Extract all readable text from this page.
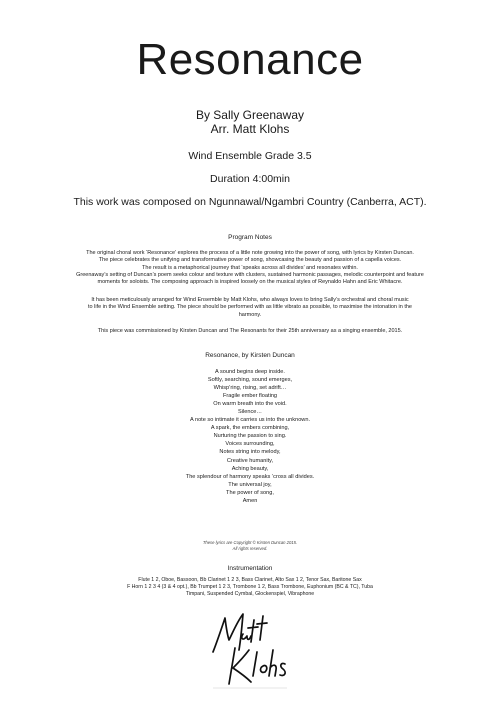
Resonance
By Sally Greenaway
Arr. Matt Klohs
Wind Ensemble Grade 3.5
Duration 4:00min
This work was composed on Ngunnawal/Ngambri Country (Canberra, ACT).
Program Notes

The original choral work ‘Resonance’ explores the process of a little note growing into the power of song, with lyrics by Kirsten Duncan.

The piece celebrates the unifying and transformative power of song, showcasing the beauty and passion of a capella voices.

The result is a metaphorical journey that ‘speaks across all divides’ and resonates within.

Greenaway’s setting of Duncan’s poem seeks colour and texture with clusters, sustained harmonic passages, melodic counterpoint and feature

moments for soloists. The composing approach is inspired loosely on the musical styles of Reynaldo Hahn and Eric Whitacre.

It has been meticulously arranged for Wind Ensemble by Matt Klohs, who always loves to bring Sally’s orchestral and choral music

to life in the Wind Ensemble setting. The piece should be performed with as little vibrato as possible, to maximise the intonation in the

harmony.

This piece was commissioned by Kirsten Duncan and The Resonants for their 25th anniversary as a singing ensemble, 2015.

Resonance, by Kirsten Duncan
A sound begins deep inside.
Softly, searching, sound emerges,
Whisp’ring, rising, set adrift…
Fragile ember floating
On warm breath into the void.
Silence…
A note so intimate it carries us into the unknown.
A spark, the embers combining,
Nurturing the passion to sing.
Voices surrounding,
Notes string into melody,
Creative humanity,
Aching beauty,
The splendour of harmony speaks ‘cross all divides.
The universal joy,
The power of song,
Amen
These lyrics are Copyright © Kirsten Duncan 2015.
All rights reserved.
Instrumentation
Flute 1 2, Oboe, Bassoon, Bb Clarinet 1 2 3, Bass Clarinet, Alto Sax 1 2, Tenor Sax, Baritone Sax
F Horn 1 2 3 4 (3 & 4 opt.), Bb Trumpet 1 2 3, Trombone 1 2, Bass Trombone, Euphonium (BC & TC), Tuba
Timpani, Suspended Cymbal, Glockenspiel, Vibraphone
